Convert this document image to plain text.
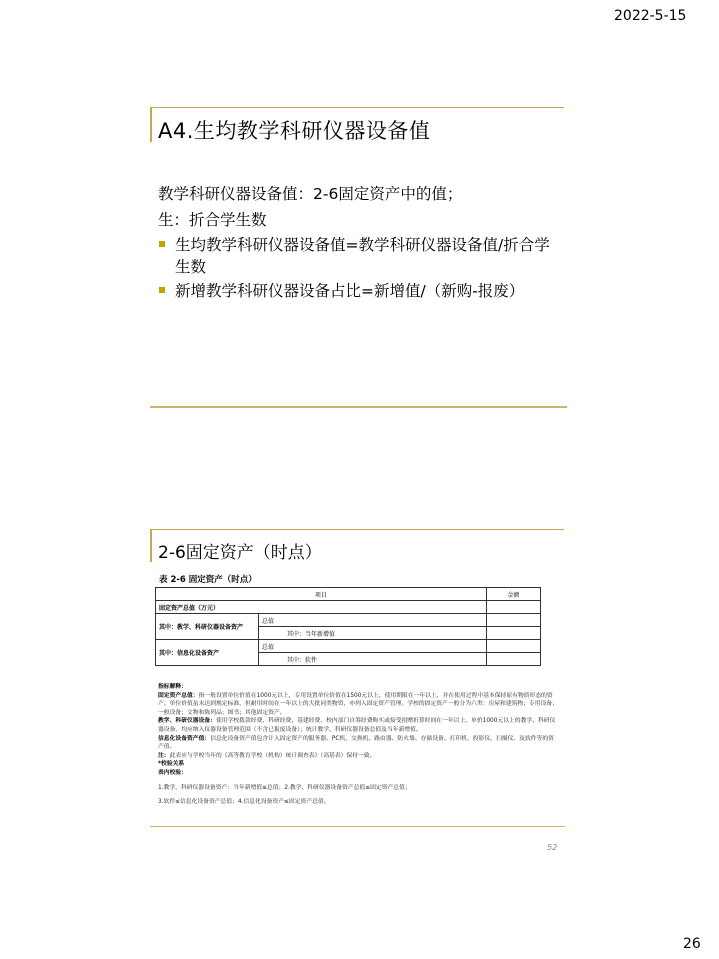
2022-5-15
A4.生均教学科研仪器设备值
教学科研仪器设备值：2-6固定资产中的值；
生：折合学生数
生均教学科研仪器设备值=教学科研仪器设备值/折合学生数
新增教学科研仪器设备占比=新增值/（新购-报废）
2-6固定资产（时点）
表 2-6 固定资产（时点）
项目		金额
固定资产总值（万元）		
其中：教学、科研仪器设备资产	总值	
	其中：当年新增值	
其中：信息化设备资产	总值	
	其中：软件	

指标解释：

固定资产总值：指一般设置单位价值在1000元以上，专用设置单位价值在1500元以上，使用期限在一年以上，并在使用过程中基本保持原有物质形态的资产。单位价值虽未达到规定标准，但耐用时间在一年以上的大批同类物资，亦列入固定资产管理。学校的固定资产一般分为六类：房屋和建筑物；专用设备；一般设备；文物和陈列品；图书；其他固定资产。

教学、科研仪器设备：使用学校拨款经费、科研经费、基建经费、校内部门自筹经费购买或接受捐赠折算时间在一年以上、单价1000元以上的教学、科研仪器设备，均应纳入仪器设备管理范围（不含已报废设备）；统计教学、科研仪器设备总值及当年新增值。

信息化设备资产值：信息化设备资产值包含计入固定资产的服务器、PC机、交换机、路由器、防火墙、存储设备、打印机、投影仪、扫描仪、及软件等的资产值。

注：此表应与学校当年的《高等教育学校（机构）统计调查表》（高基表）保持一致。

*校验关系

表内校验：

1.教学、科研仪器设备资产：当年新增值≤总值；2.教学、科研仪器设备资产总值≤固定资产总值；

3.软件≤信息化设备资产总值；4.信息化设备资产≤固定资产总值。

52
26
